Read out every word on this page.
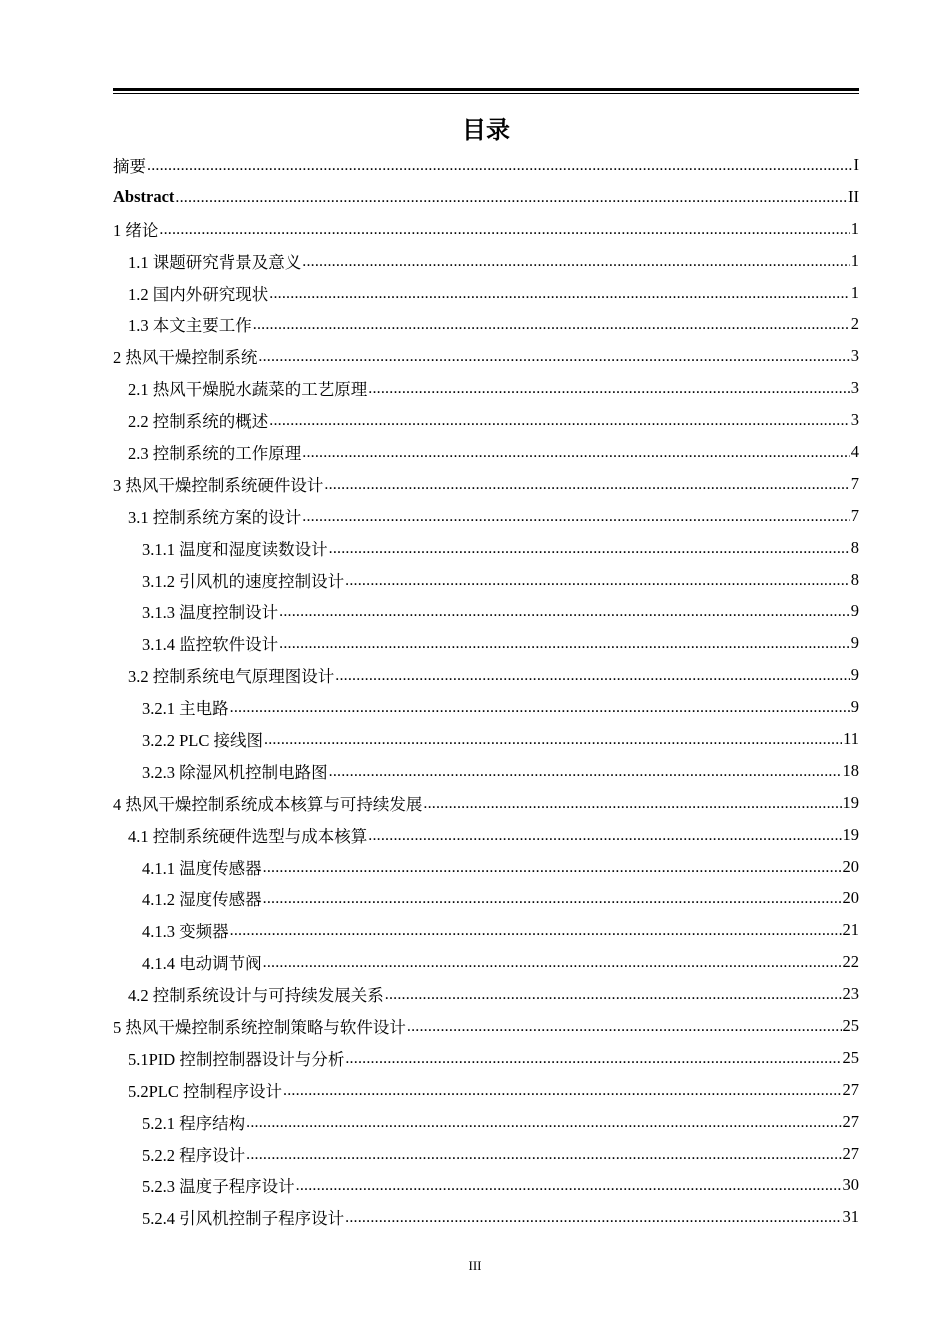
目录
摘要 .....	I
Abstract .....	II
1 绪论 .....	1
1.1 课题研究背景及意义 .....	1
1.2 国内外研究现状 .....	1
1.3 本文主要工作 .....	2
2 热风干燥控制系统 .....	3
2.1 热风干燥脱水蔬菜的工艺原理 .....	3
2.2 控制系统的概述 .....	3
2.3 控制系统的工作原理 .....	4
3 热风干燥控制系统硬件设计 .....	7
3.1 控制系统方案的设计 .....	7
3.1.1 温度和湿度读数设计 .....	8
3.1.2 引风机的速度控制设计 .....	8
3.1.3 温度控制设计 .....	9
3.1.4 监控软件设计 .....	9
3.2 控制系统电气原理图设计 .....	9
3.2.1 主电路 .....	9
3.2.2 PLC 接线图 .....	11
3.2.3 除湿风机控制电路图 .....	18
4 热风干燥控制系统成本核算与可持续发展 .....	19
4.1 控制系统硬件选型与成本核算 .....	19
4.1.1 温度传感器 .....	20
4.1.2 湿度传感器 .....	20
4.1.3 变频器 .....	21
4.1.4 电动调节阀 .....	22
4.2 控制系统设计与可持续发展关系 .....	23
5 热风干燥控制系统控制策略与软件设计 .....	25
5.1PID 控制控制器设计与分析 .....	25
5.2PLC 控制程序设计 .....	27
5.2.1 程序结构 .....	27
5.2.2 程序设计 .....	27
5.2.3 温度子程序设计 .....	30
5.2.4 引风机控制子程序设计 .....	31
III
